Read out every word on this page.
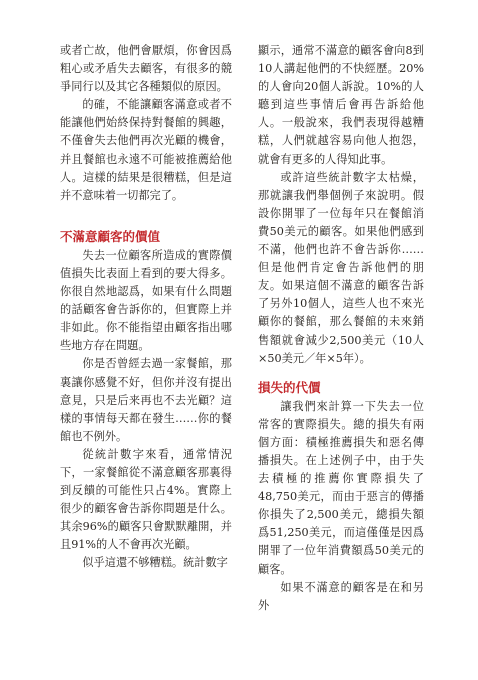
或者亡故，他們會厭煩，你會因爲粗心或矛盾失去顧客，有很多的競爭同行以及其它各種類似的原因。

的確，不能讓顧客滿意或者不能讓他們始終保持對餐館的興趣，不僅會失去他們再次光顧的機會，并且餐館也永遠不可能被推薦給他人。這樣的結果是很糟糕，但是這并不意味着一切都完了。

不滿意顧客的價值

失去一位顧客所造成的實際價值損失比表面上看到的要大得多。你很自然地認爲，如果有什么問題的話顧客會告訴你的，但實際上并非如此。你不能指望由顧客指出哪些地方存在問題。

你是否曾經去過一家餐館，那裏讓你感覺不好，但你并沒有提出意見，只是后来再也不去光顧？這樣的事情每天都在發生……你的餐館也不例外。

從統計數字來看，通常情況下，一家餐館從不滿意顧客那裏得到反饋的可能性只占4%。實際上很少的顧客會告訴你問題是什么。其余96%的顧客只會默默離開，并且91%的人不會再次光顧。

似乎這還不够糟糕。統計數字

顯示，通常不滿意的顧客會向8到10人講起他們的不快經歷。20%的人會向20個人訴說。10%的人聽到這些事情后會再告訴給他人。一般說來，我們表現得越糟糕，人們就越容易向他人抱怨，就會有更多的人得知此事。

或許這些統計數字太枯燥，那就讓我們舉個例子來說明。假設你開罪了一位每年只在餐館消費50美元的顧客。如果他們感到不滿，他們也許不會告訴你……但是他們肯定會告訴他們的朋友。如果這個不滿意的顧客告訴了另外10個人，這些人也不來光顧你的餐館，那么餐館的未來銷售額就會減少2,500美元（10人×50美元／年×5年）。

損失的代價

讓我們來計算一下失去一位常客的實際損失。總的損失有兩個方面：積極推薦損失和惡名傳播損失。在上述例子中，由于失去積極的推薦你實際損失了48,750美元，而由于惡言的傳播你損失了2,500美元，總損失額爲51,250美元，而這僅僅是因爲開罪了一位年消費額爲50美元的顧客。

如果不滿意的顧客是在和另外
